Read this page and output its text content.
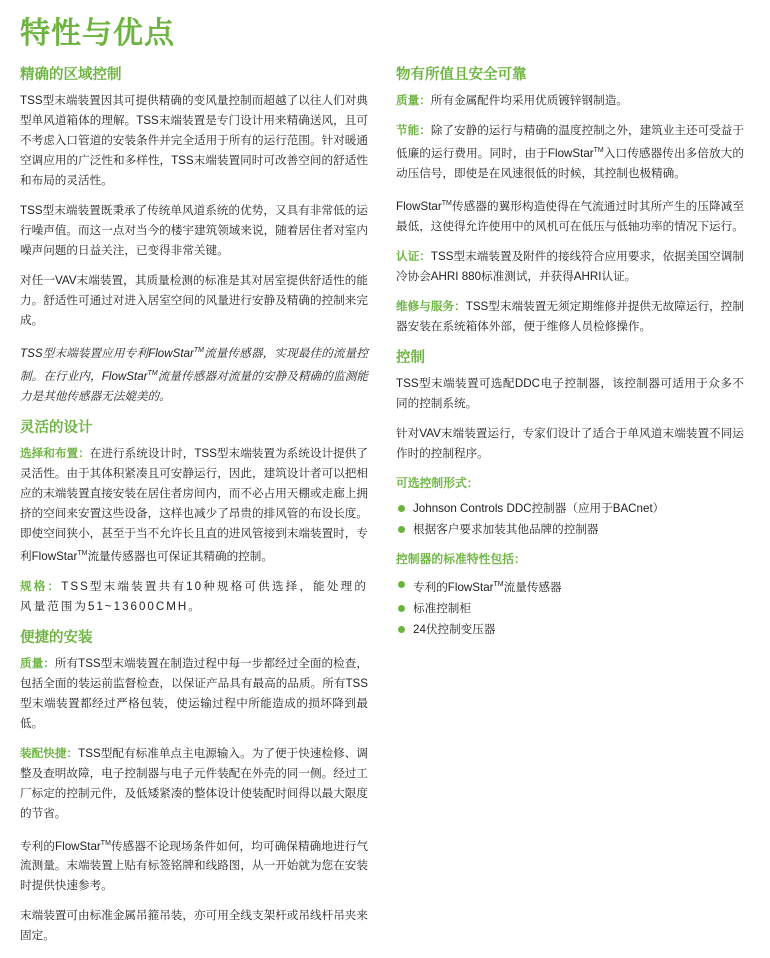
特性与优点
精确的区域控制

TSS型末端装置因其可提供精确的变风量控制而超越了以往人们对典型单风道箱体的理解。TSS末端装置是专门设计用来精确送风，且可不考虑入口管道的安装条件并完全适用于所有的运行范围。针对暖通空调应用的广泛性和多样性，TSS末端装置同时可改善空间的舒适性和布局的灵活性。

TSS型末端装置既秉承了传统单风道系统的优势，又具有非常低的运行噪声值。而这一点对当今的楼宇建筑领域来说，随着居住者对室内噪声问题的日益关注，已变得非常关键。

对任一VAV末端装置，其质量检测的标准是其对居室提供舒适性的能力。舒适性可通过对进入居室空间的风量进行安静及精确的控制来完成。

TSS型末端装置应用专利FlowStar™流量传感器，实现最佳的流量控制。在行业内，FlowStar™流量传感器对流量的安静及精确的监测能力是其他传感器无法媲美的。

灵活的设计

选择和布置：在进行系统设计时，TSS型末端装置为系统设计提供了灵活性。由于其体积紧凑且可安静运行，因此，建筑设计者可以把相应的末端装置直接安装在居住者房间内，而不必占用天棚或走廊上拥挤的空间来安置这些设备，这样也减少了昂贵的排风管的布设长度。即使空间狭小，甚至于当不允许长且直的进风管接到末端装置时，专利FlowStar™流量传感器也可保证其精确的控制。

规格：TSS型末端装置共有10种规格可供选择，能处理的风量范围为51~13600CMH。

便捷的安装

质量：所有TSS型末端装置在制造过程中每一步都经过全面的检查，包括全面的装运前监督检查，以保证产品具有最高的品质。所有TSS型末端装置都经过严格包装，使运输过程中所能造成的损坏降到最低。

装配快捷：TSS型配有标准单点主电源输入。为了便于快速检修、调整及查明故障，电子控制器与电子元件装配在外壳的同一侧。经过工厂标定的控制元件，及低矮紧凑的整体设计使装配时间得以最大限度的节省。

专利的FlowStar™传感器不论现场条件如何，均可确保精确地进行气流测量。末端装置上贴有标签铭牌和线路图，从一开始就为您在安装时提供快速参考。

末端装置可由标准金属吊箍吊装，亦可用全线支架杆或吊线杆吊夹来固定。

物有所值且安全可靠

质量：所有金属配件均采用优质镀锌钢制造。

节能：除了安静的运行与精确的温度控制之外，建筑业主还可受益于低廉的运行费用。同时，由于FlowStar™入口传感器传出多倍放大的动压信号，即使是在风速很低的时候，其控制也极精确。

FlowStar™传感器的翼形构造使得在气流通过时其所产生的压降减至最低，这使得允许使用中的风机可在低压与低轴功率的情况下运行。

认证：TSS型末端装置及附件的接线符合应用要求，依据美国空调制冷协会AHRI 880标准测试，并获得AHRI认证。

维修与服务：TSS型末端装置无须定期维修并提供无故障运行，控制器安装在系统箱体外部，便于维修人员检修操作。

控制

TSS型末端装置可选配DDC电子控制器，该控制器可适用于众多不同的控制系统。

针对VAV末端装置运行，专家们设计了适合于单风道末端装置不同运作时的控制程序。

可选控制形式：
Johnson Controls DDC控制器（应用于BACnet）
根据客户要求加装其他品牌的控制器
控制器的标准特性包括：
专利的FlowStar™流量传感器
标准控制柜
24伏控制变压器
